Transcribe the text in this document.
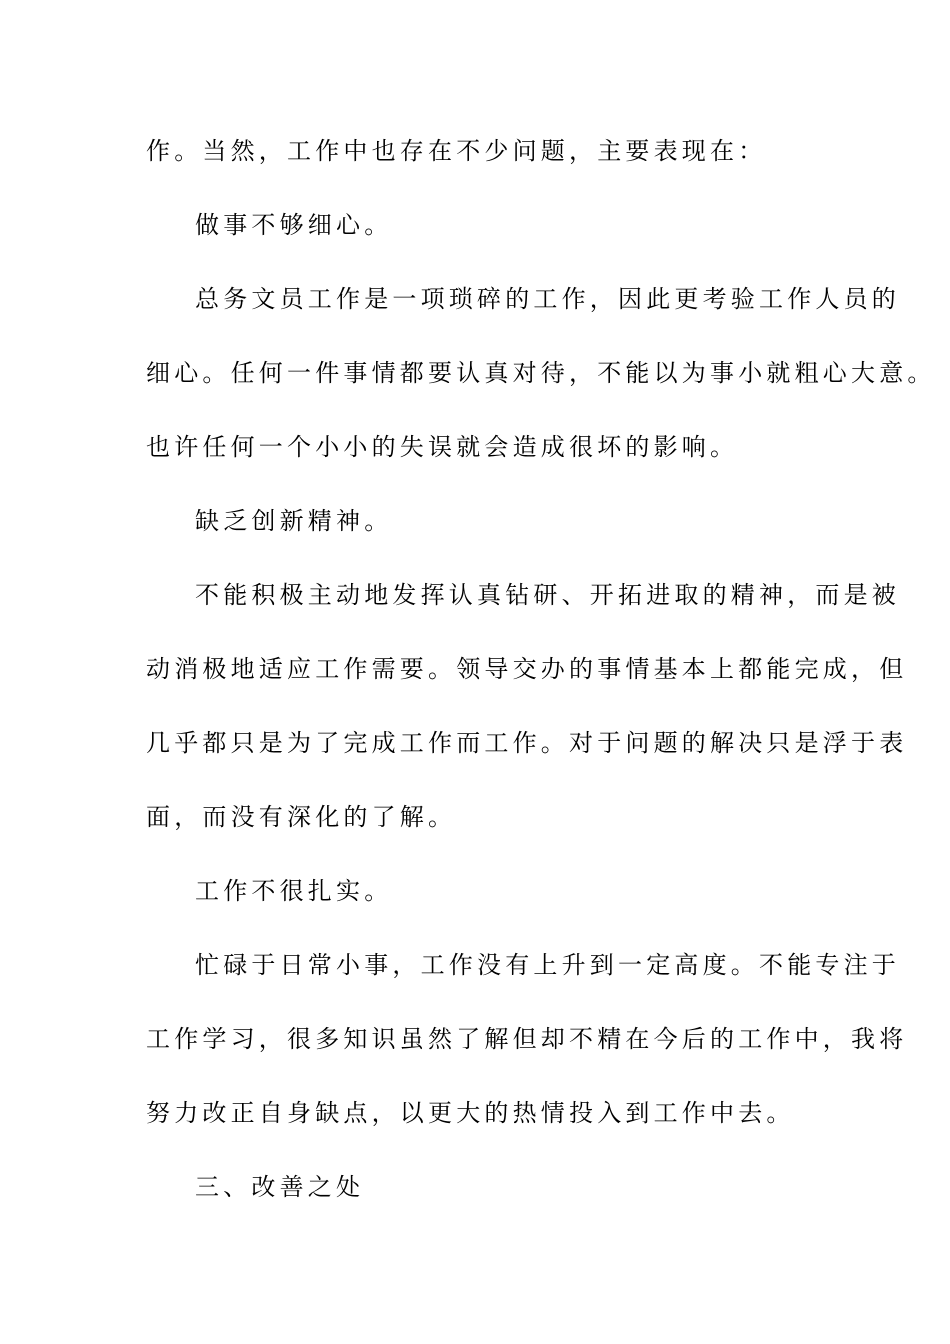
作。当然，工作中也存在不少问题，主要表现在：
做事不够细心。
总务文员工作是一项琐碎的工作，因此更考验工作人员的
细心。任何一件事情都要认真对待，不能以为事小就粗心大意。
也许任何一个小小的失误就会造成很坏的影响。
缺乏创新精神。
不能积极主动地发挥认真钻研、开拓进取的精神，而是被
动消极地适应工作需要。领导交办的事情基本上都能完成，但
几乎都只是为了完成工作而工作。对于问题的解决只是浮于表
面，而没有深化的了解。
工作不很扎实。
忙碌于日常小事，工作没有上升到一定高度。不能专注于
工作学习，很多知识虽然了解但却不精在今后的工作中，我将
努力改正自身缺点，以更大的热情投入到工作中去。
三、改善之处
